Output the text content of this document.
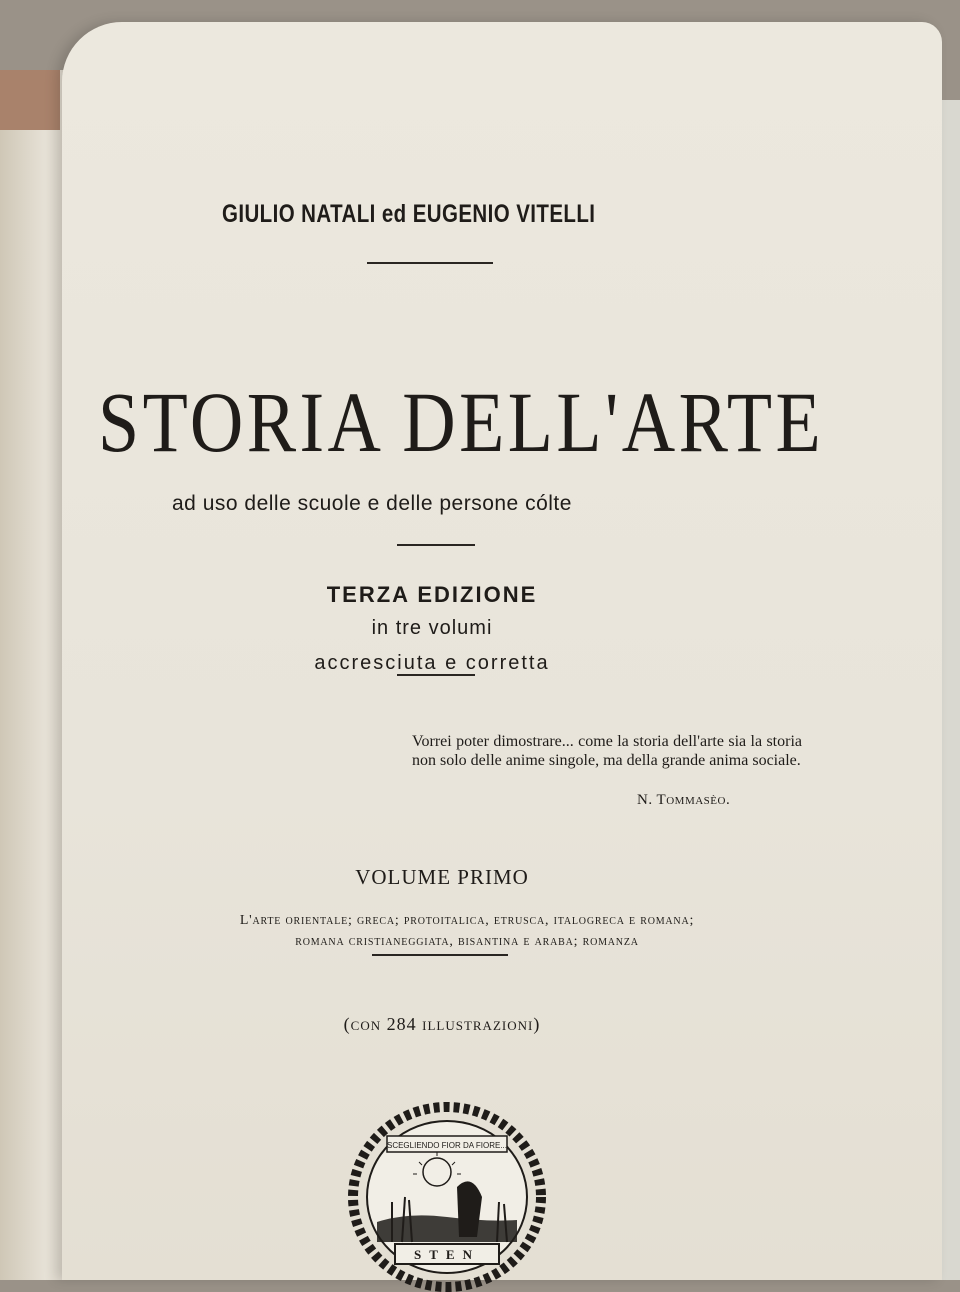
GIULIO NATALI ed EUGENIO VITELLI
STORIA DELL'ARTE
ad uso delle scuole e delle persone cólte
TERZA EDIZIONE
in tre volumi
accresciuta e corretta
Vorrei poter dimostrare... come la storia dell'arte sia la storia non solo delle anime singole, ma della grande anima sociale.
N. Tommasèo.
VOLUME PRIMO
L'arte orientale; greca; protoitalica, etrusca, italogreca e romana;
romana cristianeggiata, bisantina e araba; romanza
(con 284 illustrazioni)
SCEGLIENDO FIOR DA FIORE...
STEN
